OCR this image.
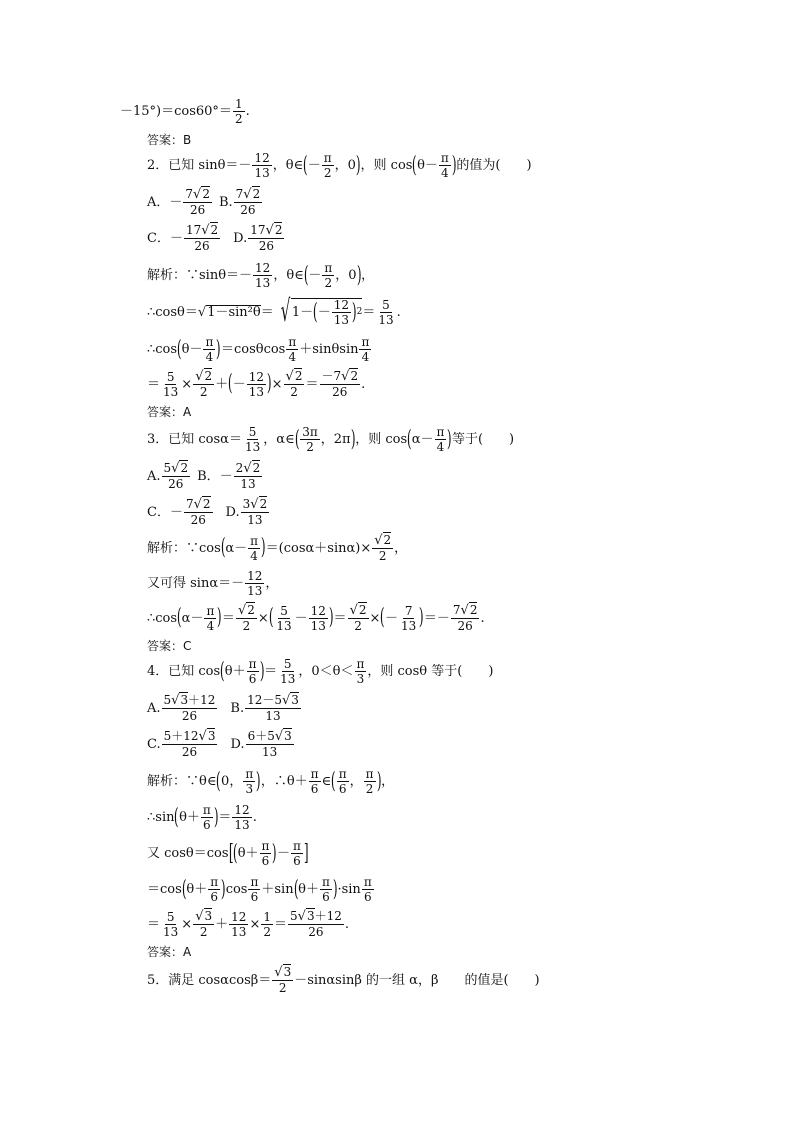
$-15^\circ)=\cos 60^\circ= \frac{1}{2}$ .
答案： B
2．已知 $\sin\theta=- \frac{12}{13}$ ，θ∈ ( － $\frac{\pi}{2}$ ，0 ) ，则 cos ( $\theta- \frac{\pi}{4}$ ) 的值为(　　)
A．－ $\frac{7√2}{26} B$. $\frac{7√2}{26}$
C．－ $\frac{17√2}{26} D$. $\frac{17√2}{26}$
解析：∵sinθ＝－ $\frac{12}{13}$ ，θ∈ ( － $\frac{\pi}{2}$ ，0 ) ，
∴cosθ＝ √ 1－sin²θ ＝ √ 1－ ( － $\frac{12}{13}$ ) $2 = \frac{5}{13}$ .
∴cos ( $\theta- \frac{\pi}{4}$ ) $=\cos\theta\cos \frac{\pi}{4} +\sin\theta\sin \frac{\pi}{4}$
＝ $\frac{5}{13} \times \frac{√2}{2}$ ＋ ( － $\frac{12}{13}$ ) × $\frac{√2}{2} = \frac{-7√2}{26}$ .
答案： A
3．已知 $\cos\alpha= \frac{5}{13}$ ，α∈ ( $\frac{3\pi}{2}$ ，2π ) ，则 cos ( $\alpha- \frac{\pi}{4}$ ) 等于(　　)
A. $\frac{5√2}{26}$ B．－ $\frac{2√2}{13}$
C．－ $\frac{7√2}{26} D$. $\frac{3√2}{13}$
解析：∵cos ( $\alpha- \frac{\pi}{4}$ ) $=(\cos\alpha+\sin\alpha)\times \frac{√2}{2}$ ，
又可得 $\sin\alpha=- \frac{12}{13}$ ，
∴cos ( $\alpha- \frac{\pi}{4}$ ) ＝ $\frac{√2}{2}$ × ( $\frac{5}{13} - \frac{12}{13}$ ) ＝ $\frac{√2}{2}$ × ( － $\frac{7}{13}$ ) ＝－ $\frac{7√2}{26}$ .
答案： C
4．已知 cos ( $\theta+ \frac{\pi}{6}$ ) ＝ $\frac{5}{13}$ ，$0<\theta< \frac{\pi}{3}$ ，则 cosθ 等于(　　)
A. $\frac{5√3+12}{26} B$. $\frac{12-5√3}{13}$
C. $\frac{5+12√3}{26} D$. $\frac{6+5√3}{13}$
解析：∵θ∈ ( 0， $\frac{\pi}{3}$ ) ，∴θ＋ $\frac{\pi}{6}$ ∈ ( $\frac{\pi}{6}$ ， $\frac{\pi}{2}$ ) ，
∴sin ( $\theta+ \frac{\pi}{6}$ ) ＝ $\frac{12}{13}$ .
又 cosθ＝cos [ ( $\theta+ \frac{\pi}{6}$ ) － $\frac{\pi}{6}$ ]
＝cos ( $\theta+ \frac{\pi}{6}$ ) $\cos \frac{\pi}{6} +\sin$ ( $\theta+ \frac{\pi}{6}$ ) $\cdot\sin \frac{\pi}{6}$
＝ $\frac{5}{13} \times \frac{√3}{2} + \frac{12}{13} \times \frac{1}{2} = \frac{5√3+12}{26}$ .
答案： A
5．满足 $\cos\alpha\cos\beta= \frac{√3}{2} -\sin\alpha\sin\beta$ 的一组 α，β　　的值是(　　)
